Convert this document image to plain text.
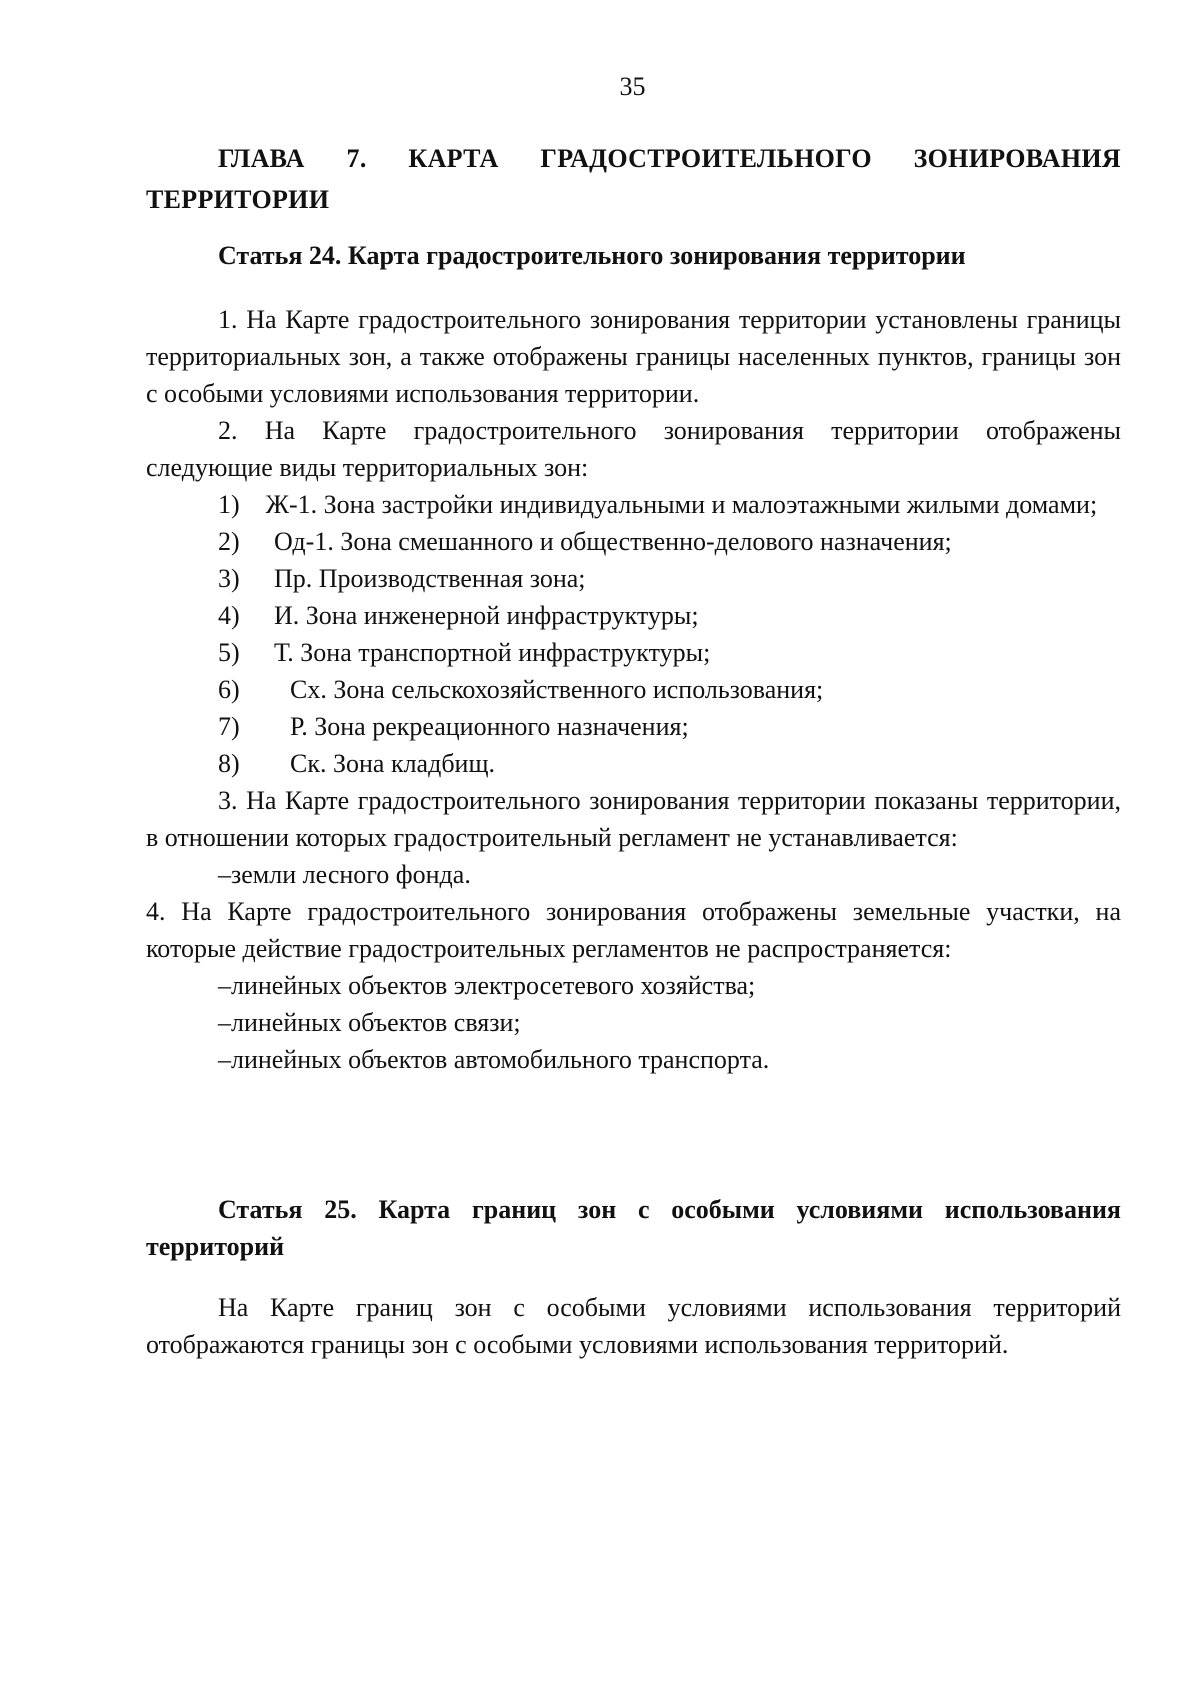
35
ГЛАВА 7. КАРТА ГРАДОСТРОИТЕЛЬНОГО ЗОНИРОВАНИЯ ТЕРРИТОРИИ
Статья 24. Карта градостроительного зонирования территории

1. На Карте градостроительного зонирования территории установлены границы территориальных зон, а также отображены границы населенных пунктов, границы зон с особыми условиями использования территории.

2. На Карте градостроительного зонирования территории отображены следующие виды территориальных зон:

1) Ж-1. Зона застройки индивидуальными и малоэтажными жилыми домами;

2)	Од-1. Зона смешанного и общественно-делового назначения;
3)	Пр. Производственная зона;
4)	И. Зона инженерной инфраструктуры;
5)	Т. Зона транспортной инфраструктуры;
6)	Сх. Зона сельскохозяйственного использования;
7)	Р. Зона рекреационного назначения;
8)	Ск. Зона кладбищ.

3. На Карте градостроительного зонирования территории показаны территории, в отношении которых градостроительный регламент не устанавливается:

–земли лесного фонда.

4. На Карте градостроительного зонирования отображены земельные участки, на которые действие градостроительных регламентов не распространяется:

–линейных объектов электросетевого хозяйства;

–линейных объектов связи;

–линейных объектов автомобильного транспорта.

Статья 25. Карта границ зон с особыми условиями использования территорий
На Карте границ зон с особыми условиями использования территорий отображаются границы зон с особыми условиями использования территорий.
